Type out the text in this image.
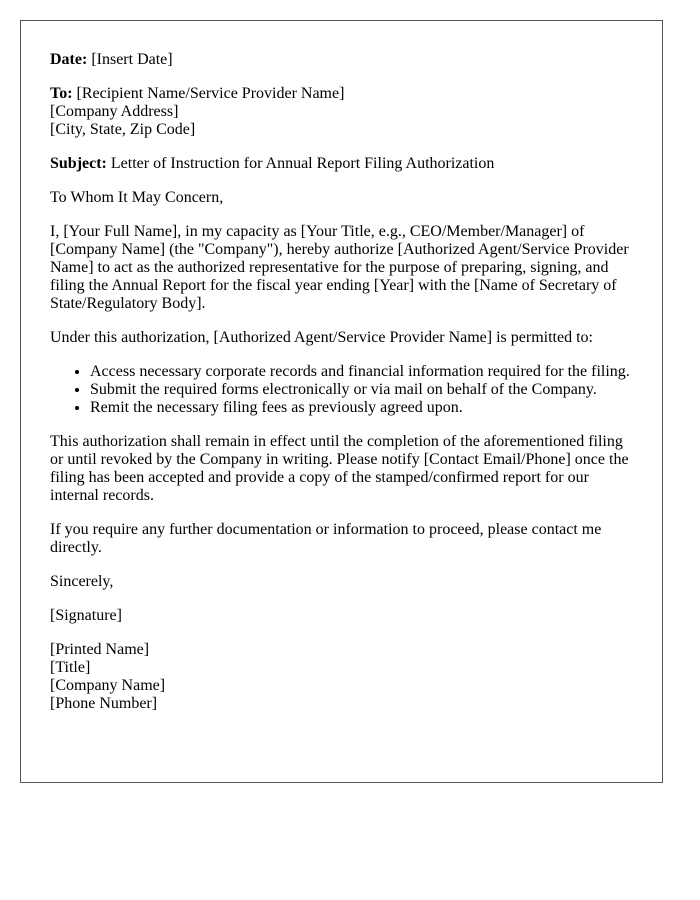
Date: [Insert Date]

To: [Recipient Name/Service Provider Name]
[Company Address]
[City, State, Zip Code]

Subject: Letter of Instruction for Annual Report Filing Authorization

To Whom It May Concern,

I, [Your Full Name], in my capacity as [Your Title, e.g., CEO/Member/Manager] of [Company Name] (the "Company"), hereby authorize [Authorized Agent/Service Provider Name] to act as the authorized representative for the purpose of preparing, signing, and filing the Annual Report for the fiscal year ending [Year] with the [Name of Secretary of State/Regulatory Body].

Under this authorization, [Authorized Agent/Service Provider Name] is permitted to:

• Access necessary corporate records and financial information required for the filing.
• Submit the required forms electronically or via mail on behalf of the Company.
• Remit the necessary filing fees as previously agreed upon.

This authorization shall remain in effect until the completion of the aforementioned filing or until revoked by the Company in writing. Please notify [Contact Email/Phone] once the filing has been accepted and provide a copy of the stamped/confirmed report for our internal records.

If you require any further documentation or information to proceed, please contact me directly.

Sincerely,

[Signature]

[Printed Name]
[Title]
[Company Name]
[Phone Number]
